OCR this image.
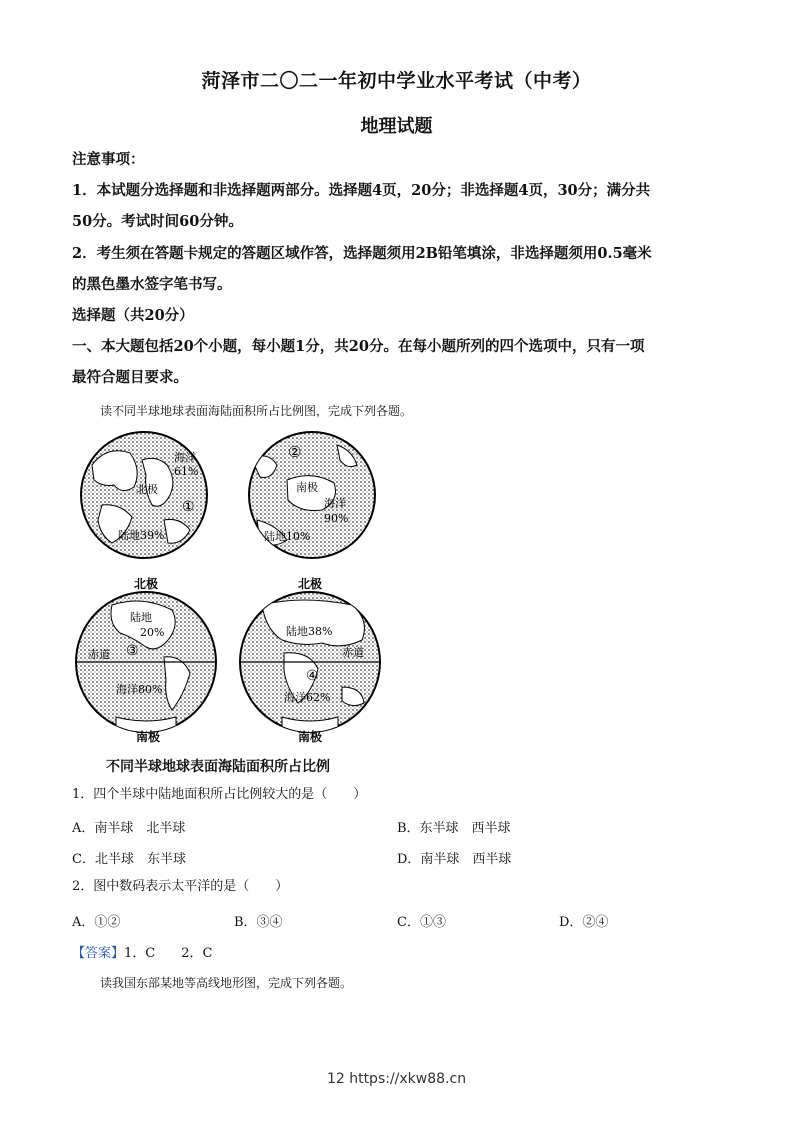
菏泽市二〇二一年初中学业水平考试（中考）
地理试题
注意事项：
1．本试题分选择题和非选择题两部分。选择题4页，20分；非选择题4页，30分；满分共
50分。考试时间60分钟。
2．考生须在答题卡规定的答题区域作答，选择题须用2B铅笔填涂，非选择题须用0.5毫米
的黑色墨水签字笔书写。
选择题（共20分）
一、本大题包括20个小题，每小题1分，共20分。在每小题所列的四个选项中，只有一项
最符合题目要求。
读不同半球地球表面海陆面积所占比例图，完成下列各题。
海洋
61%
北极
①
陆地39%
②
南极
海洋
90%
陆地10%
北极
陆地
20%
赤道 ③
海洋80%
南极
北极
陆地38%
赤道
④
海洋62%
南极
不同半球地球表面海陆面积所占比例
1．四个半球中陆地面积所占比例较大的是（　　）
A．南半球　北半球	B．东半球　西半球
C．北半球　东半球	D．南半球　西半球
2．图中数码表示太平洋的是（　　）
A．①②	B．③④	C．①③	D．②④
【答案】1．C　　2．C
读我国东部某地等高线地形图，完成下列各题。
12 https://xkw88.cn
